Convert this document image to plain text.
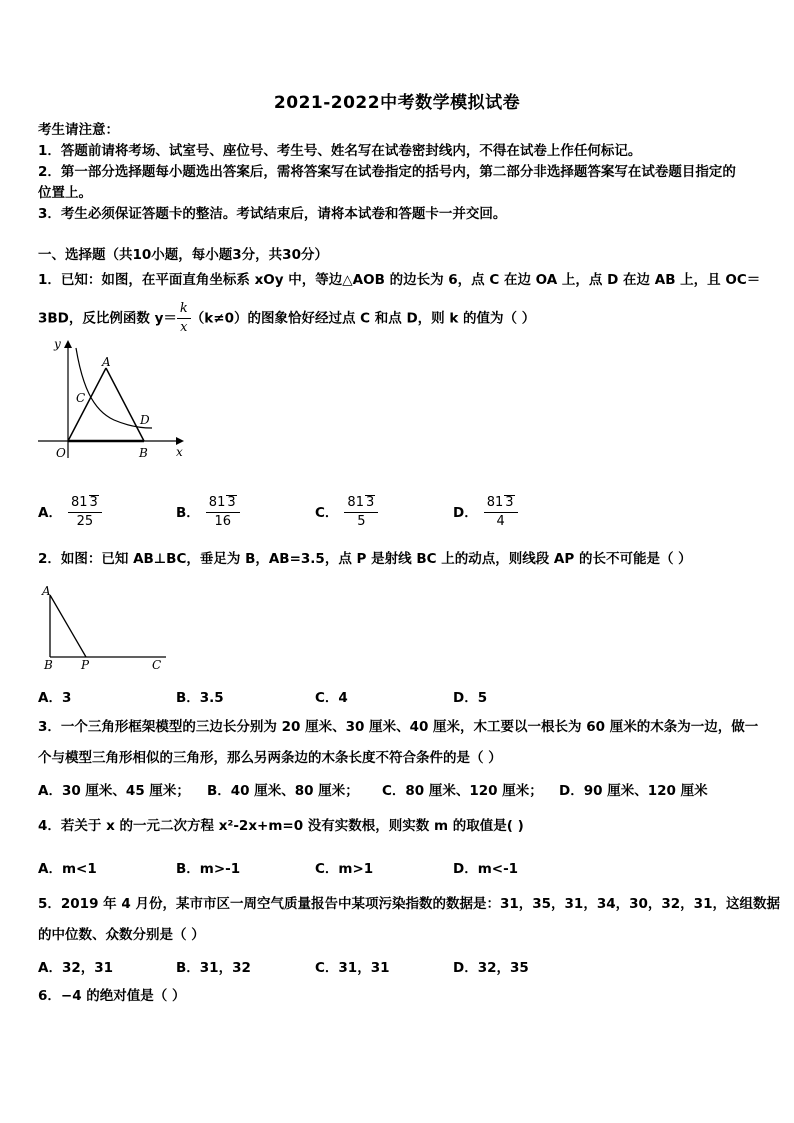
2021-2022中考数学模拟试卷
考生请注意：
1．答题前请将考场、试室号、座位号、考生号、姓名写在试卷密封线内，不得在试卷上作任何标记。
2．第一部分选择题每小题选出答案后，需将答案写在试卷指定的括号内，第二部分非选择题答案写在试卷题目指定的
位置上。
3．考生必须保证答题卡的整洁。考试结束后，请将本试卷和答题卡一并交回。
一、选择题（共10小题，每小题3分，共30分）
1．已知：如图，在平面直角坐标系 xOy 中，等边△AOB 的边长为 6，点 C 在边 OA 上，点 D 在边 AB 上，且 OC＝
3BD，反比例函数 $y= \frac{k}{x} (k\ne 0)$的图象恰好经过点 C 和点 D，则 k 的值为（ ）
y
A
C
D
O	B x
A． $\frac{81 3}{25}$	B． $\frac{81 3}{16}$	C． $\frac{81 3}{5}$	D． $\frac{81 3}{4}$
2．如图：已知 AB⊥BC，垂足为 B，AB=3.5，点 P 是射线 BC 上的动点，则线段 AP 的长不可能是（ ）
A
B P	C
A．3	B．3.5	C．4	D．5
3．一个三角形框架模型的三边长分别为 20 厘米、30 厘米、40 厘米，木工要以一根长为 60 厘米的木条为一边，做一
个与模型三角形相似的三角形，那么另两条边的木条长度不符合条件的是（ ）
A．30 厘米、45 厘米； B．40 厘米、80 厘米； C．80 厘米、120 厘米； D．90 厘米、120 厘米
4．若关于 x 的一元二次方程 x²-2x+m=0 没有实数根，则实数 m 的取值是( )
A．m<1	B．m>-1	C．m>1	D．m<-1
5．2019 年 4 月份，某市市区一周空气质量报告中某项污染指数的数据是：31，35，31，34，30，32，31，这组数据
的中位数、众数分别是（ ）
A．32，31	B．31，32	C．31，31	D．32，35
6．−4 的绝对值是（ ）
